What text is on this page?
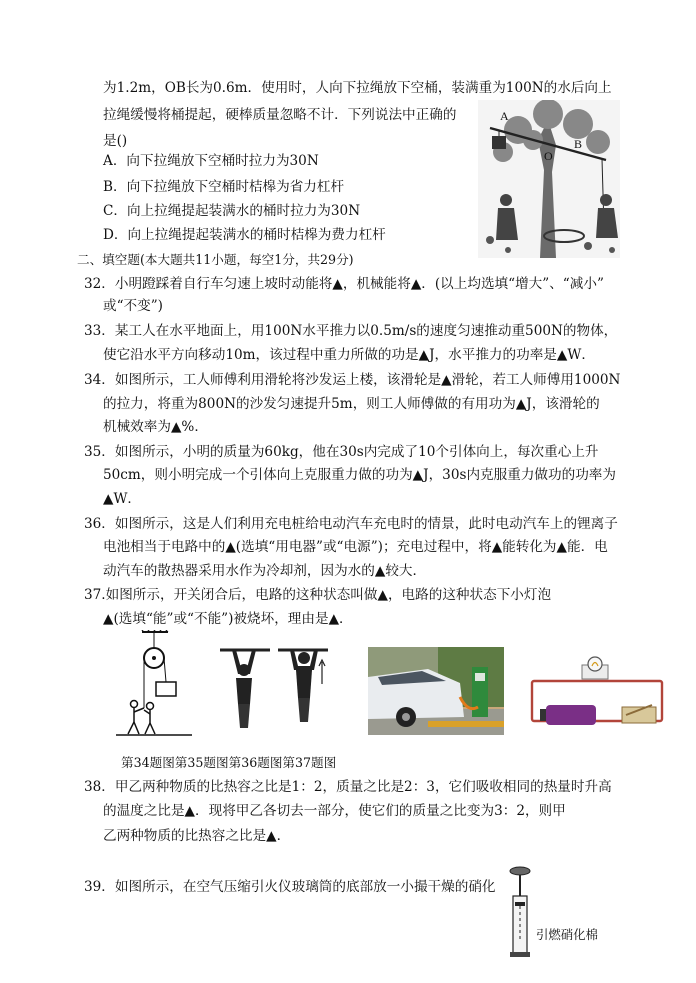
为1.2m，OB长为0.6m．使用时，人向下拉绳放下空桶，装满重为100N的水后向上
拉绳缓慢将桶提起，硬棒质量忽略不计．下列说法中正确的
是()
A．向下拉绳放下空桶时拉力为30N
B．向下拉绳放下空桶时桔槔为省力杠杆
C．向上拉绳提起装满水的桶时拉力为30N
D．向上拉绳提起装满水的桶时桔槔为费力杠杆
A
O
B
二、填空题(本大题共11小题，每空1分，共29分)
32．小明蹬踩着自行车匀速上坡时动能将▲，机械能将▲．(以上均选填“增大”、“减小”
或“不变”)
33．某工人在水平地面上，用100N水平推力以0.5m/s的速度匀速推动重500N的物体，
使它沿水平方向移动10m，该过程中重力所做的功是▲J，水平推力的功率是▲W．
34．如图所示，工人师傅利用滑轮将沙发运上楼，该滑轮是▲滑轮，若工人师傅用1000N
的拉力，将重为800N的沙发匀速提升5m，则工人师傅做的有用功为▲J，该滑轮的
机械效率为▲%．
35．如图所示，小明的质量为60kg，他在30s内完成了10个引体向上，每次重心上升
50cm，则小明完成一个引体向上克服重力做的功为▲J，30s内克服重力做功的功率为
▲W．
36．如图所示，这是人们利用充电桩给电动汽车充电时的情景，此时电动汽车上的锂离子
电池相当于电路中的▲(选填“用电器”或“电源”)；充电过程中，将▲能转化为▲能．电
动汽车的散热器采用水作为冷却剂，因为水的▲较大．
37.如图所示，开关闭合后，电路的这种状态叫做▲，电路的这种状态下小灯泡
▲(选填“能”或“不能”)被烧坏，理由是▲．
第34题图第35题图第36题图第37题图
38．甲乙两种物质的比热容之比是1：2，质量之比是2：3，它们吸收相同的热量时升高
的温度之比是▲．现将甲乙各切去一部分，使它们的质量之比变为3：2，则甲
乙两种物质的比热容之比是▲．
39．如图所示，在空气压缩引火仪玻璃筒的底部放一小撮干燥的硝化
引燃硝化棉
